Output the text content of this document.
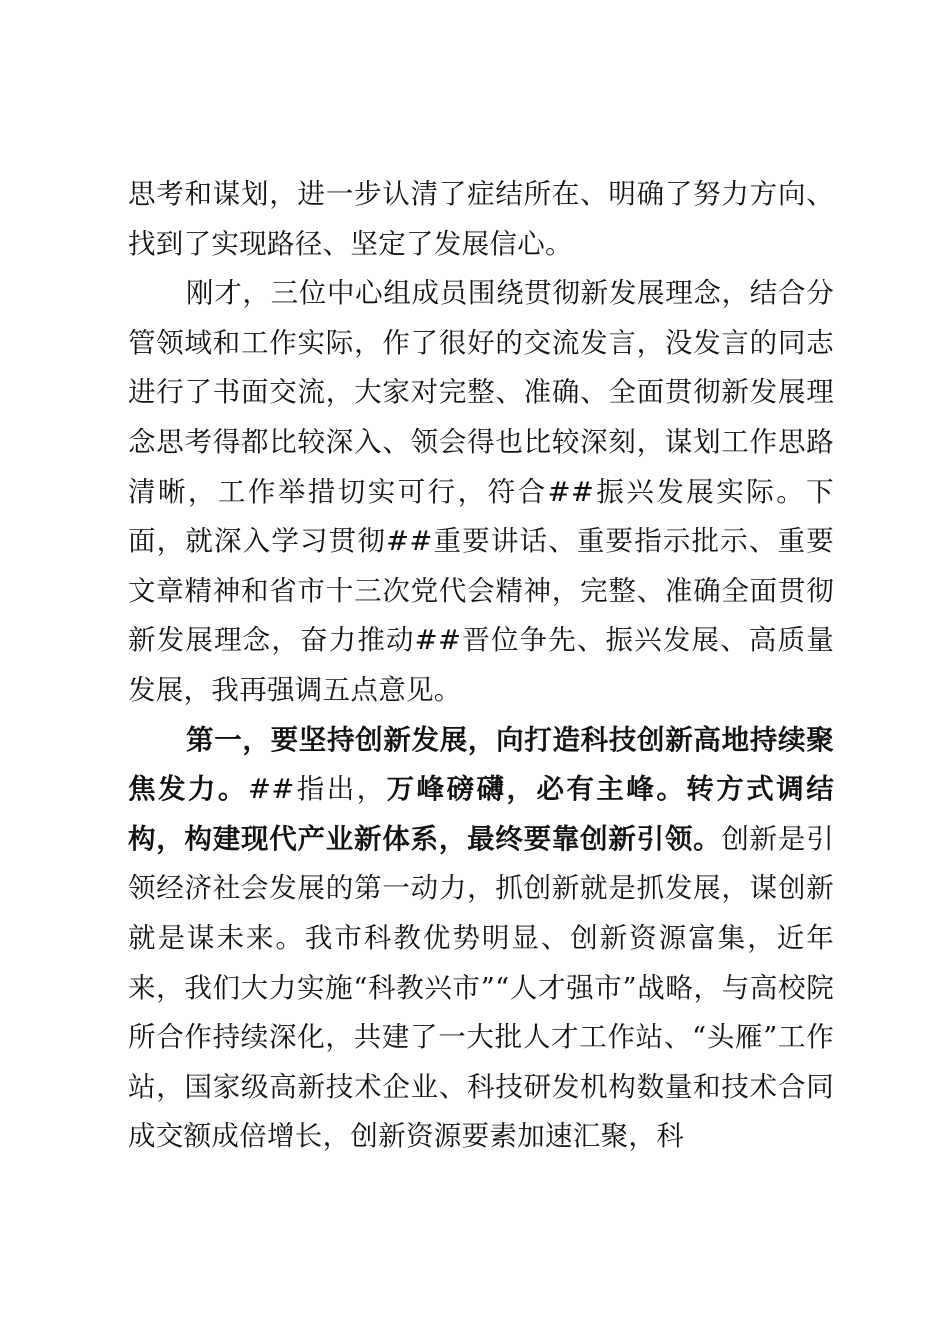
思考和谋划，进一步认清了症结所在、明确了努力方向、找到了实现路径、坚定了发展信心。

刚才，三位中心组成员围绕贯彻新发展理念，结合分管领域和工作实际，作了很好的交流发言，没发言的同志进行了书面交流，大家对完整、准确、全面贯彻新发展理念思考得都比较深入、领会得也比较深刻，谋划工作思路清晰，工作举措切实可行，符合##振兴发展实际。下面，就深入学习贯彻##重要讲话、重要指示批示、重要文章精神和省市十三次党代会精神，完整、准确全面贯彻新发展理念，奋力推动##晋位争先、振兴发展、高质量发展，我再强调五点意见。

第一，要坚持创新发展，向打造科技创新高地持续聚焦发力。##指出，万峰磅礴，必有主峰。转方式调结构，构建现代产业新体系，最终要靠创新引领。创新是引领经济社会发展的第一动力，抓创新就是抓发展，谋创新就是谋未来。我市科教优势明显、创新资源富集，近年来，我们大力实施“科教兴市”“人才强市”战略，与高校院所合作持续深化，共建了一大批人才工作站、“头雁”工作站，国家级高新技术企业、科技研发机构数量和技术合同成交额成倍增长，创新资源要素加速汇聚，科
